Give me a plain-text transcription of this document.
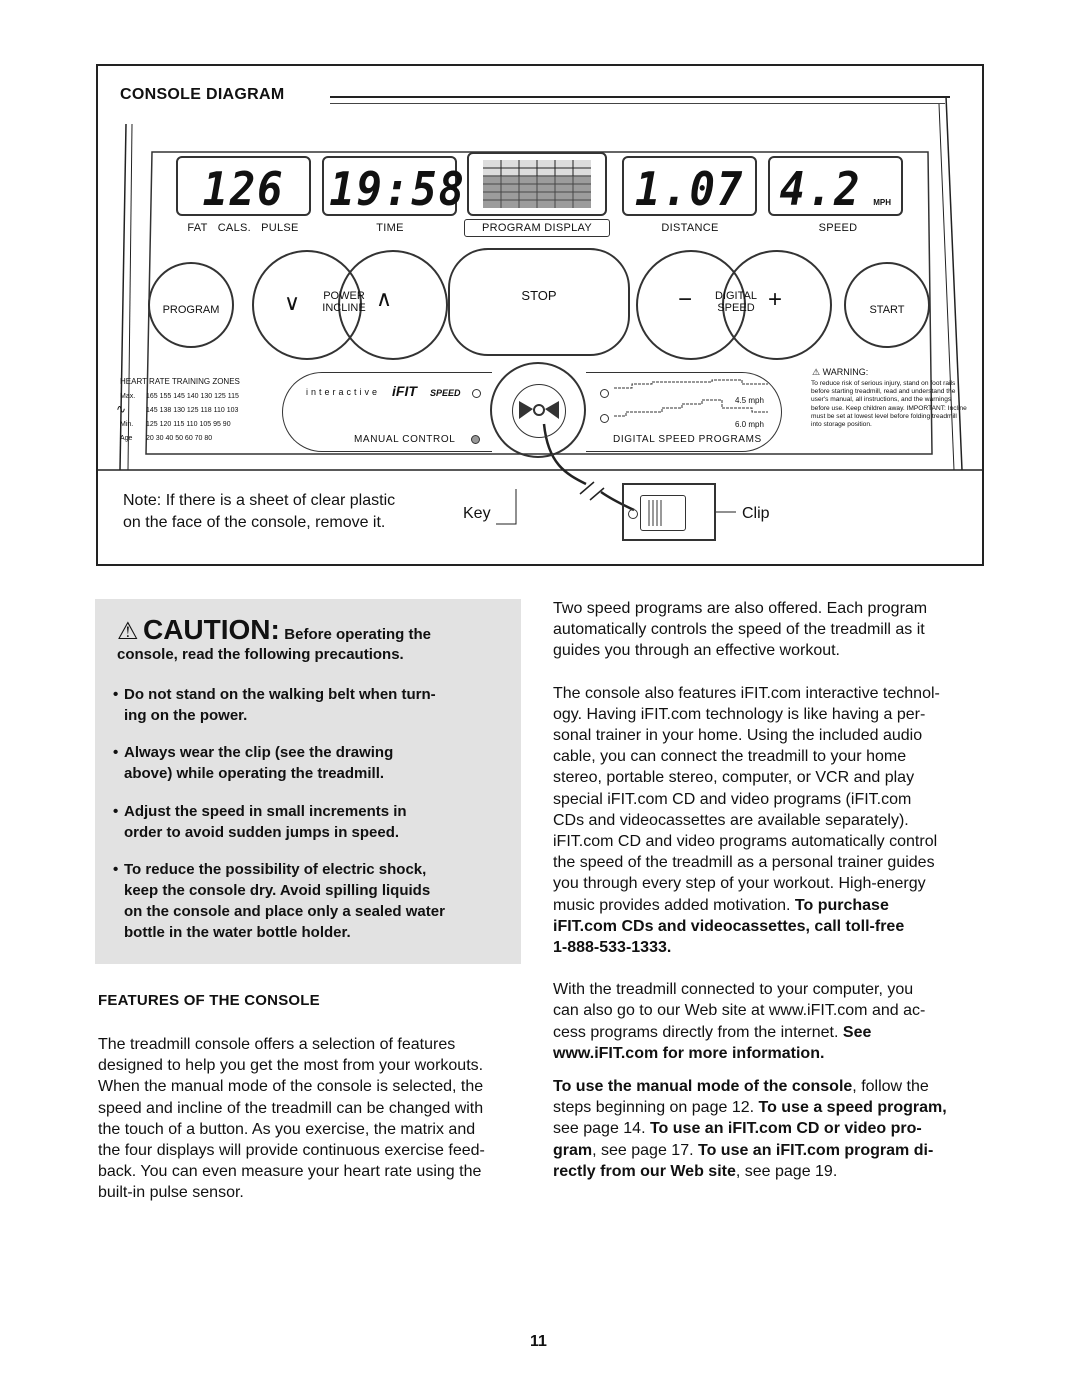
CONSOLE DIAGRAM
126 19:58	1.07 4.2	MPH
FAT CALS. PULSE	TIME	PROGRAM DISPLAY	DISTANCE	SPEED
PROGRAM	∨	∧
POWER
INCLINE
STOP	−	+
DIGITAL
SPEED	START
HEART RATE TRAINING ZONES
∿
Max. 165 155 145 140 130 125 115
145 138 130 125 118 110 103
Min. 125 120 115 110 105 95 90
Age 20 30 40 50 60 70 80
interactive iFIT SPEED
MANUAL CONTROL
4.5 mph
6.0 mph
DIGITAL SPEED PROGRAMS
⚠ WARNING:
To reduce risk of serious injury, stand on foot rails before starting treadmill, read and understand the user's manual, all instructions, and the warnings before use. Keep children away. IMPORTANT: Incline must be set at lowest level before folding treadmill into storage position.
Note: If there is a sheet of clear plastic
on the face of the console, remove it.
Key	Clip
⚠ CAUTION: Before operating the
console, read the following precautions.
• Do not stand on the walking belt when turn-
ing on the power.
• Always wear the clip (see the drawing
above) while operating the treadmill.
• Adjust the speed in small increments in
order to avoid sudden jumps in speed.
• To reduce the possibility of electric shock,
keep the console dry. Avoid spilling liquids
on the console and place only a sealed water
bottle in the water bottle holder.
FEATURES OF THE CONSOLE
The treadmill console offers a selection of features
designed to help you get the most from your workouts.
When the manual mode of the console is selected, the
speed and incline of the treadmill can be changed with
the touch of a button. As you exercise, the matrix and
the four displays will provide continuous exercise feed-
back. You can even measure your heart rate using the
built-in pulse sensor.
Two speed programs are also offered. Each program
automatically controls the speed of the treadmill as it
guides you through an effective workout.
The console also features iFIT.com interactive technol-
ogy. Having iFIT.com technology is like having a per-
sonal trainer in your home. Using the included audio
cable, you can connect the treadmill to your home
stereo, portable stereo, computer, or VCR and play
special iFIT.com CD and video programs (iFIT.com
CDs and videocassettes are available separately).
iFIT.com CD and video programs automatically control
the speed of the treadmill as a personal trainer guides
you through every step of your workout. High-energy
music provides added motivation. To purchase
iFIT.com CDs and videocassettes, call toll-free
1-888-533-1333.
With the treadmill connected to your computer, you
can also go to our Web site at www.iFIT.com and ac-
cess programs directly from the internet. See
www.iFIT.com for more information.
To use the manual mode of the console, follow the
steps beginning on page 12. To use a speed program,
see page 14. To use an iFIT.com CD or video pro-
gram, see page 17. To use an iFIT.com program di-
rectly from our Web site, see page 19.
11
